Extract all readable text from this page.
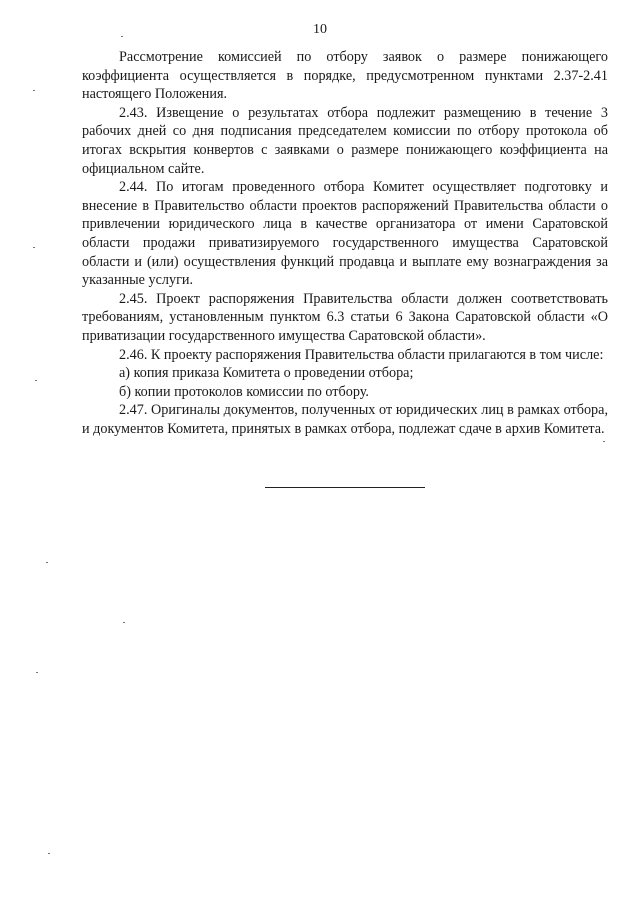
10

Рассмотрение комиссией по отбору заявок о размере понижающего коэффициента осуществляется в порядке, предусмотренном пунктами 2.37-2.41 настоящего Положения.

2.43. Извещение о результатах отбора подлежит размещению в течение 3 рабочих дней со дня подписания председателем комиссии по отбору протокола об итогах вскрытия конвертов с заявками о размере понижающего коэффициента на официальном сайте.

2.44. По итогам проведенного отбора Комитет осуществляет подготовку и внесение в Правительство области проектов распоряжений Правительства области о привлечении юридического лица в качестве организатора от имени Саратовской области продажи приватизируемого государственного имущества Саратовской области и (или) осуществления функций продавца и выплате ему вознаграждения за указанные услуги.

2.45. Проект распоряжения Правительства области должен соответствовать требованиям, установленным пунктом 6.3 статьи 6 Закона Саратовской области «О приватизации государственного имущества Саратовской области».

2.46. К проекту распоряжения Правительства области прилагаются в том числе:

а) копия приказа Комитета о проведении отбора;

б) копии протоколов комиссии по отбору.

2.47. Оригиналы документов, полученных от юридических лиц в рамках отбора, и документов Комитета, принятых в рамках отбора, подлежат сдаче в архив Комитета.
